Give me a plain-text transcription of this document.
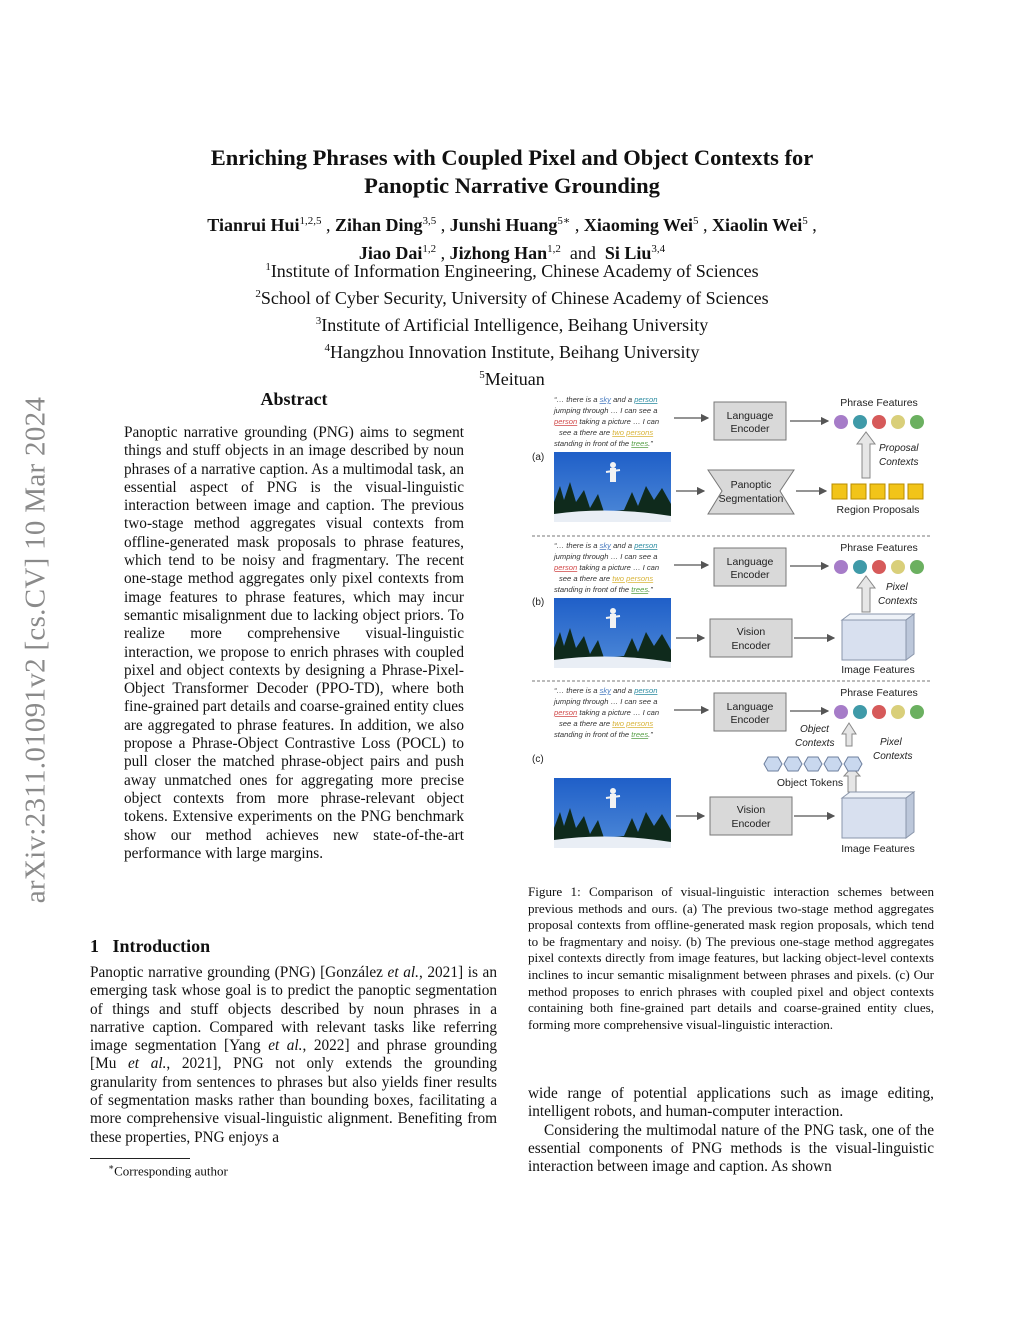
arXiv:2311.01091v2 [cs.CV] 10 Mar 2024
Enriching Phrases with Coupled Pixel and Object Contexts for
Panoptic Narrative Grounding
Tianrui Hui$^{1,2,5}$ , Zihan Ding$^{3,5}$ , Junshi Huang$^{5∗}$ , Xiaoming Wei$^5$ , Xiaolin Wei$^5$ ,
Jiao Dai$^{1,2}$ , Jizhong Han$^{1,2}$ and Si Liu$^{3,4}$
$^1$Institute of Information Engineering, Chinese Academy of Sciences
$^2$School of Cyber Security, University of Chinese Academy of Sciences
$^3$Institute of Artificial Intelligence, Beihang University
$^4$Hangzhou Innovation Institute, Beihang University
$^5$Meituan
Abstract
Panoptic narrative grounding (PNG) aims to segment things and stuff objects in an image described by noun phrases of a narrative caption. As a multimodal task, an essential aspect of PNG is the visual-linguistic interaction between image and caption. The previous two-stage method aggregates visual contexts from offline-generated mask proposals to phrase features, which tend to be noisy and fragmentary. The recent one-stage method aggregates only pixel contexts from image features to phrase features, which may incur semantic misalignment due to lacking object priors. To realize more comprehensive visual-linguistic interaction, we propose to enrich phrases with coupled pixel and object contexts by designing a Phrase-Pixel-Object Transformer Decoder (PPO-TD), where both fine-grained part details and coarse-grained entity clues are aggregated to phrase features. In addition, we also propose a Phrase-Object Contrastive Loss (POCL) to pull closer the matched phrase-object pairs and push away unmatched ones for aggregating more precise object contexts from more phrase-relevant object tokens. Extensive experiments on the PNG benchmark show our method achieves new state-of-the-art performance with large margins.
1 Introduction
Panoptic narrative grounding (PNG) [González et al., 2021] is an emerging task whose goal is to predict the panoptic segmentation of things and stuff objects described by noun phrases in a narrative caption. Compared with relevant tasks like referring image segmentation [Yang et al., 2022] and phrase grounding [Mu et al., 2021], PNG not only extends the grounding granularity from sentences to phrases but also yields finer results of segmentation masks rather than bounding boxes, facilitating a more comprehensive visual-linguistic alignment. Benefiting from these properties, PNG enjoys a
∗Corresponding author
“… there is a sky and a person
jumping through … I can see a
person taking a picture … I can
see a there are two persons
standing in front of the trees.”
(a)
Language
Encoder
Phrase Features
Proposal
Contexts
Panoptic
Segmentation
Region Proposals
“… there is a sky and a person
jumping through … I can see a
person taking a picture … I can
see a there are two persons
standing in front of the trees.”
(b)
Language
Encoder
Phrase Features
Pixel
Contexts
Vision
Encoder
Image Features
“… there is a sky and a person
jumping through … I can see a
person taking a picture … I can
see a there are two persons
standing in front of the trees.”
(c)
Language
Encoder
Phrase Features
Object
Contexts	Pixel
Contexts
Object Tokens
Vision
Encoder
Image Features
Figure 1: Comparison of visual-linguistic interaction schemes between previous methods and ours. (a) The previous two-stage method aggregates proposal contexts from offline-generated mask region proposals, which tend to be fragmentary and noisy. (b) The previous one-stage method aggregates pixel contexts directly from image features, but lacking object-level contexts inclines to incur semantic misalignment between phrases and pixels. (c) Our method proposes to enrich phrases with coupled pixel and object contexts containing both fine-grained part details and coarse-grained entity clues, forming more comprehensive visual-linguistic interaction.

wide range of potential applications such as image editing, intelligent robots, and human-computer interaction.

Considering the multimodal nature of the PNG task, one of the essential components of PNG methods is the visual-linguistic interaction between image and caption. As shown
